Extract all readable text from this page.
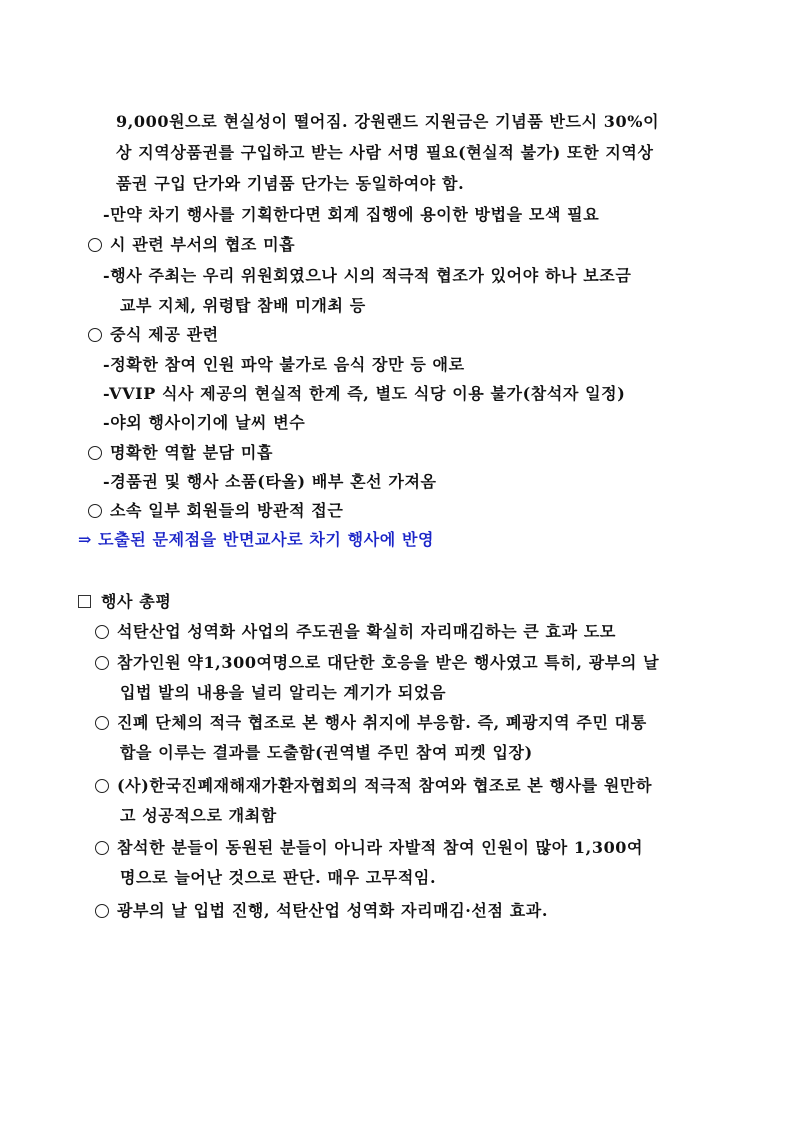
9,000원으로 현실성이 떨어짐. 강원랜드 지원금은 기념품 반드시 30%이
상 지역상품권를 구입하고 받는 사람 서명 필요(현실적 불가) 또한 지역상
품권 구입 단가와 기념품 단가는 동일하여야 함.
-만약 차기 행사를 기획한다면 회계 집행에 용이한 방법을 모색 필요
시 관련 부서의 협조 미흡
-행사 주최는 우리 위원회였으나 시의 적극적 협조가 있어야 하나 보조금
교부 지체, 위령탑 참배 미개최 등
중식 제공 관련
-정확한 참여 인원 파악 불가로 음식 장만 등 애로
-VVIP 식사 제공의 현실적 한계 즉, 별도 식당 이용 불가(참석자 일정)
-야외 행사이기에 날씨 변수
명확한 역할 분담 미흡
-경품권 및 행사 소품(타올) 배부 혼선 가져옴
소속 일부 회원들의 방관적 접근
⇒ 도출된 문제점을 반면교사로 차기 행사에 반영
행사 총평
석탄산업 성역화 사업의 주도권을 확실히 자리매김하는 큰 효과 도모
참가인원 약1,300여명으로 대단한 호응을 받은 행사였고 특히, 광부의 날
입법 발의 내용을 널리 알리는 계기가 되었음
진폐 단체의 적극 협조로 본 행사 취지에 부응함. 즉, 폐광지역 주민 대통
합을 이루는 결과를 도출함(권역별 주민 참여 피켓 입장)
(사)한국진폐재해재가환자협회의 적극적 참여와 협조로 본 행사를 원만하
고 성공적으로 개최함
참석한 분들이 동원된 분들이 아니라 자발적 참여 인원이 많아 1,300여
명으로 늘어난 것으로 판단. 매우 고무적임.
광부의 날 입법 진행, 석탄산업 성역화 자리매김·선점 효과.
